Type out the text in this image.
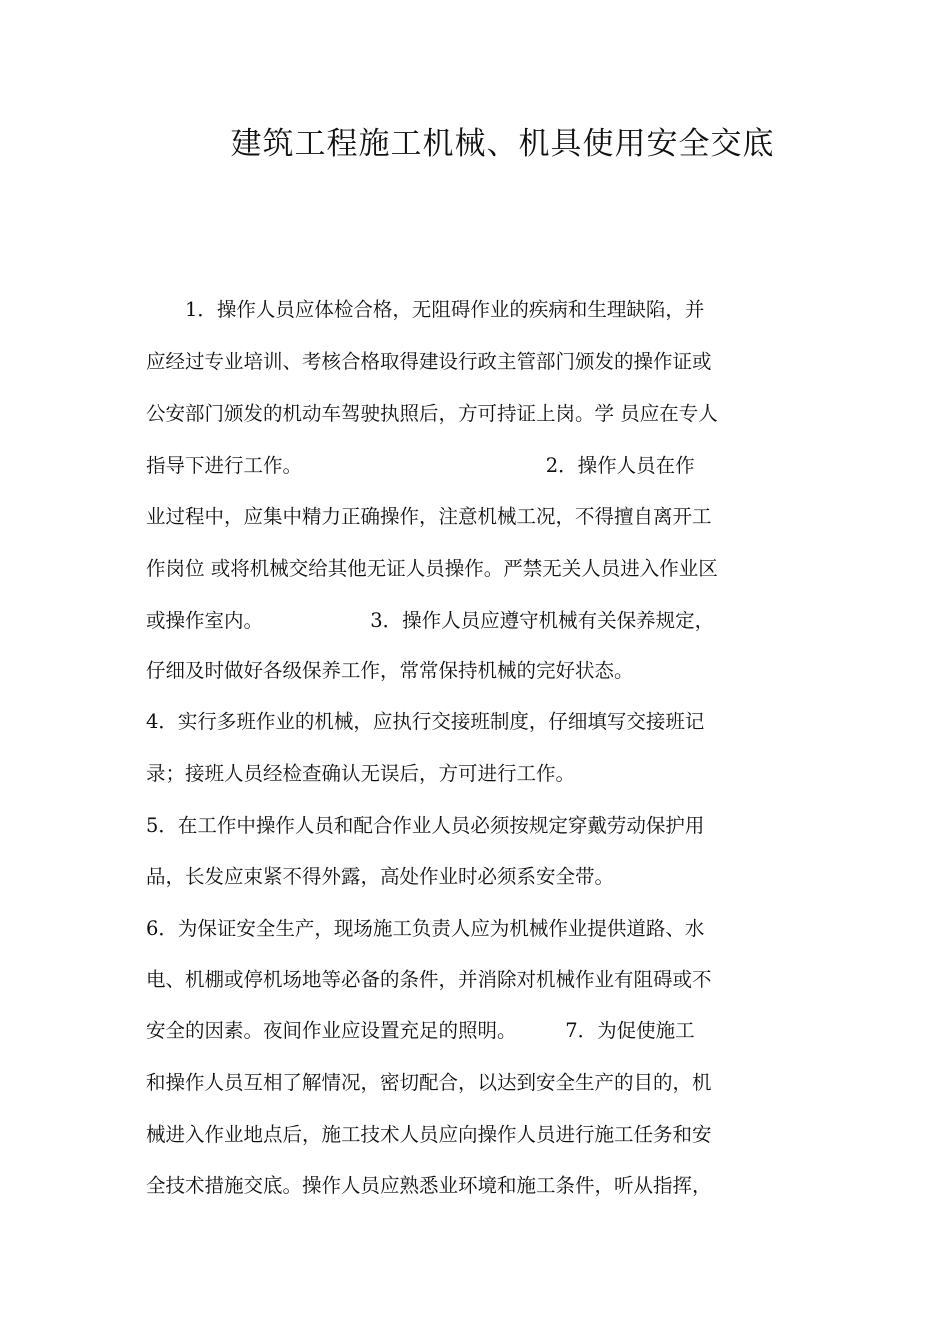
建筑工程施工机械、机具使用安全交底
　　1．操作人员应体检合格，无阻碍作业的疾病和生理缺陷，并
应经过专业培训、考核合格取得建设行政主管部门颁发的操作证或
公安部门颁发的机动车驾驶执照后，方可持证上岗。学 员应在专人
指导下进行工作。　　　　　　　　　　　　　2．操作人员在作
业过程中，应集中精力正确操作，注意机械工况，不得擅自离开工
作岗位 或将机械交给其他无证人员操作。严禁无关人员进入作业区
或操作室内。　　　　　　3．操作人员应遵守机械有关保养规定，
仔细及时做好各级保养工作，常常保持机械的完好状态。
4．实行多班作业的机械，应执行交接班制度，仔细填写交接班记
录；接班人员经检查确认无误后，方可进行工作。
5．在工作中操作人员和配合作业人员必须按规定穿戴劳动保护用
品，长发应束紧不得外露，高处作业时必须系安全带。
6．为保证安全生产，现场施工负责人应为机械作业提供道路、水
电、机棚或停机场地等必备的条件，并消除对机械作业有阻碍或不
安全的因素。夜间作业应设置充足的照明。　　　7．为促使施工
和操作人员互相了解情况，密切配合，以达到安全生产的目的，机
械进入作业地点后，施工技术人员应向操作人员进行施工任务和安
全技术措施交底。操作人员应熟悉业环境和施工条件，听从指挥，
